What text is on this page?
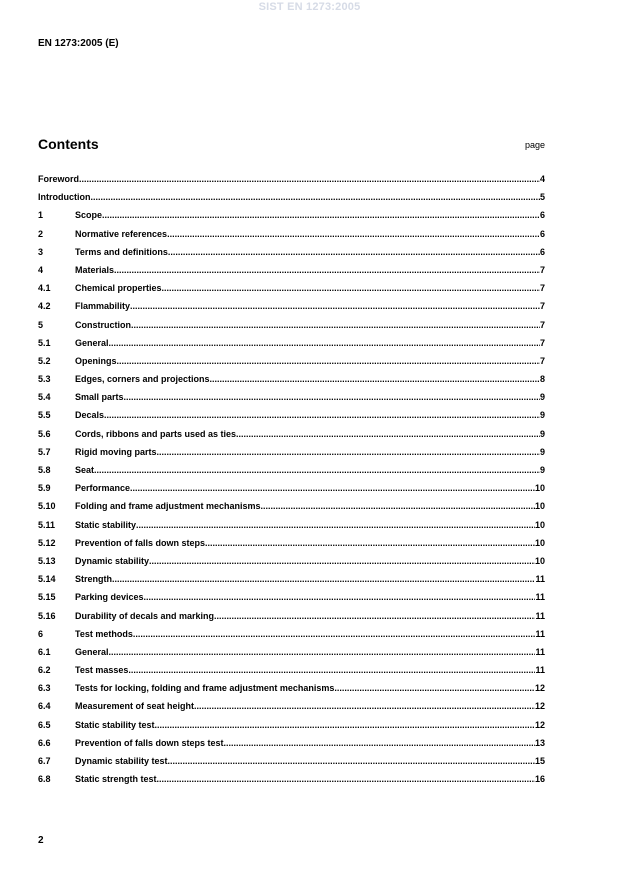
SIST EN 1273:2005
EN 1273:2005 (E)
Contents	page
Foreword .....	4
Introduction .....	5
1	Scope .....	6
2	Normative references .....	6
3	Terms and definitions .....	6
4	Materials .....	7
4.1	Chemical properties .....	7
4.2	Flammability .....	7
5	Construction .....	7
5.1	General .....	7
5.2	Openings .....	7
5.3	Edges, corners and projections .....	8
5.4	Small parts .....	9
5.5	Decals .....	9
5.6	Cords, ribbons and parts used as ties .....	9
5.7	Rigid moving parts .....	9
5.8	Seat .....	9
5.9	Performance .....	10
5.10	Folding and frame adjustment mechanisms .....	10
5.11	Static stability .....	10
5.12	Prevention of falls down steps .....	10
5.13	Dynamic stability .....	10
5.14	Strength .....	11
5.15	Parking devices .....	11
5.16	Durability of decals and marking .....	11
6	Test methods .....	11
6.1	General .....	11
6.2	Test masses .....	11
6.3	Tests for locking, folding and frame adjustment mechanisms .....	12
6.4	Measurement of seat height .....	12
6.5	Static stability test .....	12
6.6	Prevention of falls down steps test .....	13
6.7	Dynamic stability test .....	15
6.8	Static strength test .....	16
2
